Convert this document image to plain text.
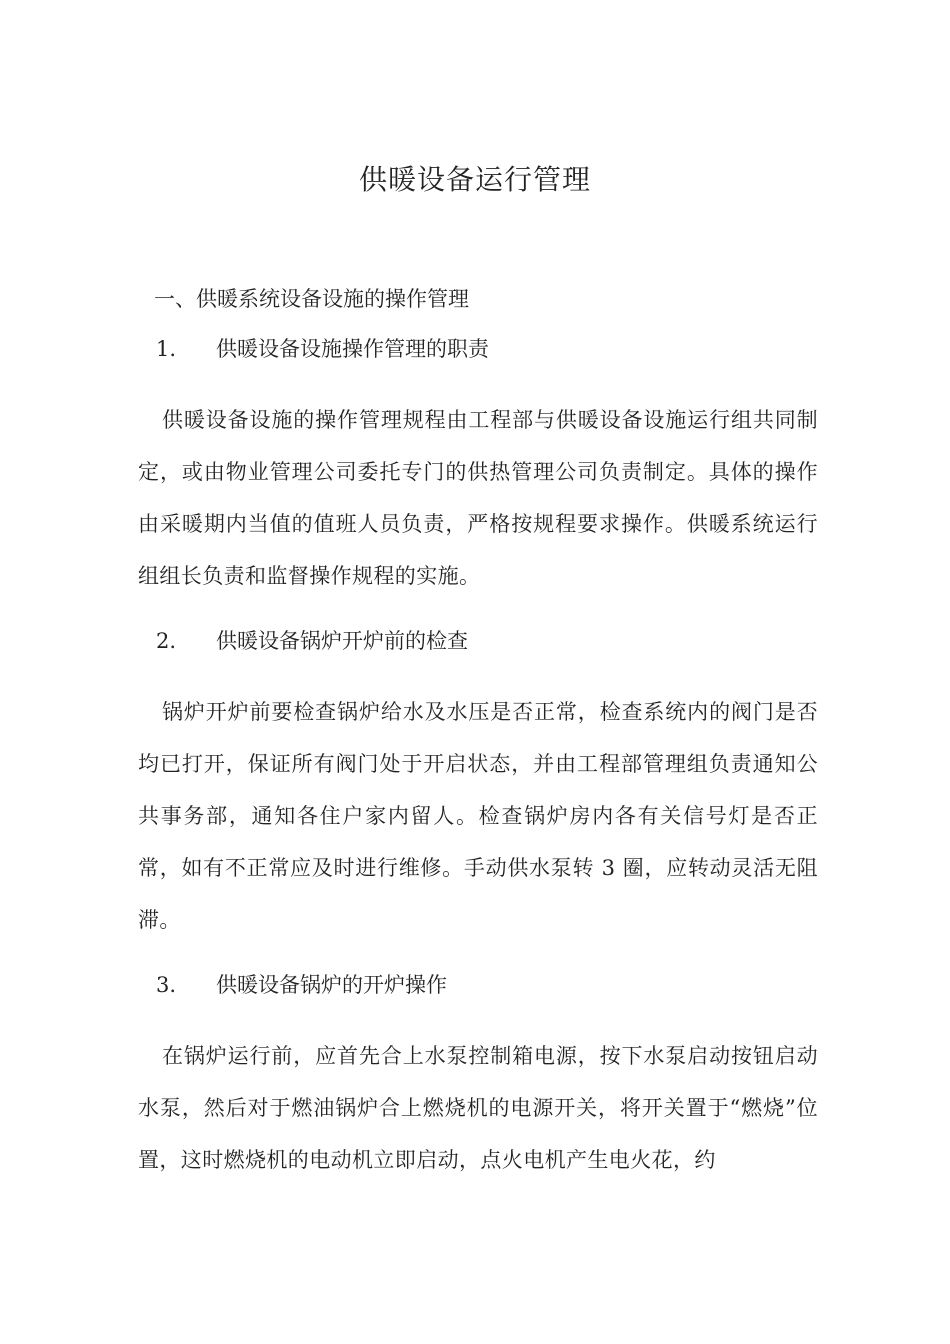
供暖设备运行管理
一、供暖系统设备设施的操作管理
1. 供暖设备设施操作管理的职责

供暖设备设施的操作管理规程由工程部与供暖设备设施运行组共同制定，或由物业管理公司委托专门的供热管理公司负责制定。具体的操作由采暖期内当值的值班人员负责，严格按规程要求操作。供暖系统运行组组长负责和监督操作规程的实施。

2. 供暖设备锅炉开炉前的检查

锅炉开炉前要检查锅炉给水及水压是否正常，检查系统内的阀门是否均已打开，保证所有阀门处于开启状态，并由工程部管理组负责通知公共事务部，通知各住户家内留人。检查锅炉房内各有关信号灯是否正常，如有不正常应及时进行维修。手动供水泵转 3 圈，应转动灵活无阻滞。

3. 供暖设备锅炉的开炉操作

在锅炉运行前，应首先合上水泵控制箱电源，按下水泵启动按钮启动水泵，然后对于燃油锅炉合上燃烧机的电源开关，将开关置于“燃烧”位置，这时燃烧机的电动机立即启动，点火电机产生电火花，约
